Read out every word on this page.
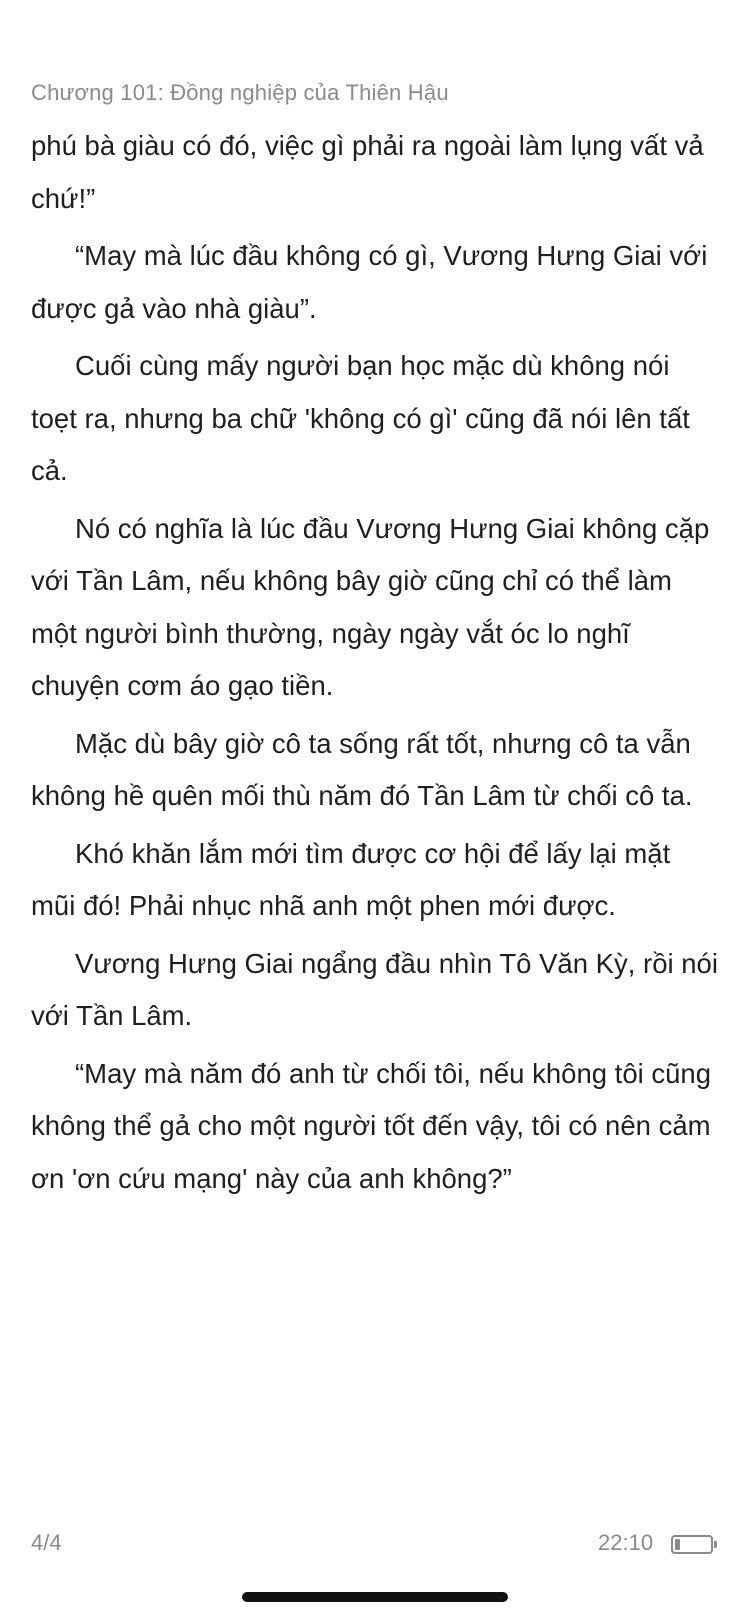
Chương 101: Đồng nghiệp của Thiên Hậu

phú bà giàu có đó, việc gì phải ra ngoài làm lụng vất vả chứ!”

“May mà lúc đầu không có gì, Vương Hưng Giai với được gả vào nhà giàu”.

Cuối cùng mấy người bạn học mặc dù không nói toẹt ra, nhưng ba chữ 'không có gì' cũng đã nói lên tất cả.

Nó có nghĩa là lúc đầu Vương Hưng Giai không cặp với Tần Lâm, nếu không bây giờ cũng chỉ có thể làm một người bình thường, ngày ngày vắt óc lo nghĩ chuyện cơm áo gạo tiền.

Mặc dù bây giờ cô ta sống rất tốt, nhưng cô ta vẫn không hề quên mối thù năm đó Tần Lâm từ chối cô ta.

Khó khăn lắm mới tìm được cơ hội để lấy lại mặt mũi đó! Phải nhục nhã anh một phen mới được.

Vương Hưng Giai ngẩng đầu nhìn Tô Văn Kỳ, rồi nói với Tần Lâm.

“May mà năm đó anh từ chối tôi, nếu không tôi cũng không thể gả cho một người tốt đến vậy, tôi có nên cảm ơn 'ơn cứu mạng' này của anh không?”

4/4	22:10
